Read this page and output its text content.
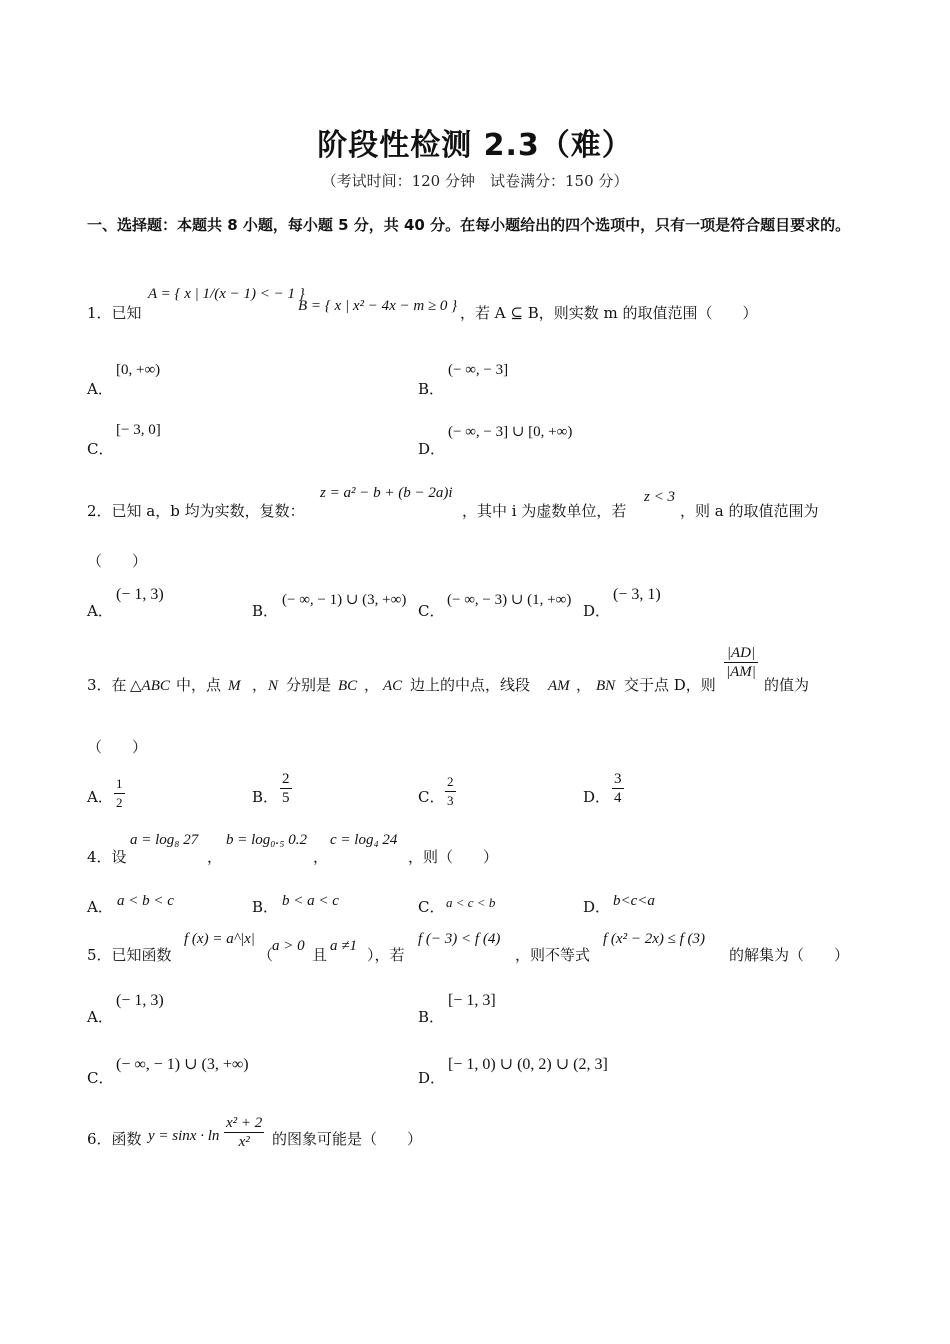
阶段性检测 2.3（难）
（考试时间：120 分钟　试卷满分：150 分）
一、选择题：本题共 8 小题，每小题 5 分，共 40 分。在每小题给出的四个选项中，只有一项是符合题目要求的。
1．已知
A = { x | 1/(x − 1) < − 1 }
B = { x | x² − 4x − m ≥ 0 } ，若 A ⊆ B，则实数 m 的取值范围（　　）
A．
[0, +∞)
B．
(− ∞, − 3]
C．
[− 3, 0]
D．
(− ∞, − 3] ∪ [0, +∞)
2．已知 a，b 均为实数，复数：
z = a² − b + (b − 2a)i
，其中 i 为虚数单位，若
z < 3
，则 a 的取值范围为
（　　）
A．
(− 1, 3)
B．
(− ∞, − 1) ∪ (3, +∞)
C．
(− ∞, − 3) ∪ (1, +∞)
D．
(− 3, 1)
3．在 △ABC 中，点 M ， N 分别是 BC ， AC 边上的中点，线段 AM ， BN 交于点 D，则
$\frac{|AD|}{|AM|}$
的值为
（　　）
A． $\frac{1}{2}$	B． $\frac{2}{5}$	C． $\frac{2}{3}$	D． $\frac{3}{4}$
4．设
a = log₈ 27
，
b = log₀.₅ 0.2
，
c = log₄ 24
，则（　　）
A． a < b < c	B． b < a < c	C． a < c < b	D． b<c<a
5．已知函数
f (x) = a^|x|
（
a > 0 且 a ≠1 ），若
f (− 3) < f (4)
，则不等式
f (x² − 2x) ≤ f (3)
的解集为（　　）
A．
(− 1, 3)
B．
[− 1, 3]
C．
(− ∞, − 1) ∪ (3, +∞)
D．
[− 1, 0) ∪ (0, 2) ∪ (2, 3]
6．函数 $y = \sin x \cdot \ln \frac{\text{x² + 2}}{\text{x²}}$ 的图象可能是（　　）
